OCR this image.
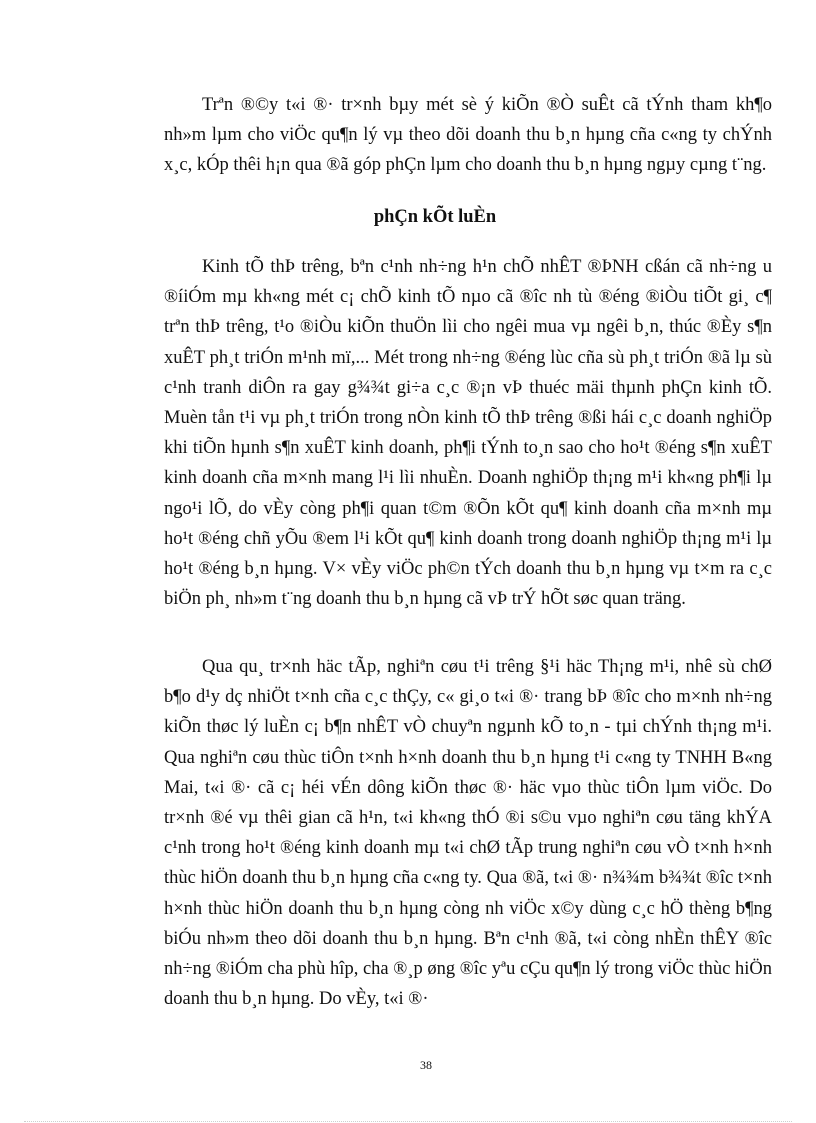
Trªn ®©y t«i ®· tr×nh bµy mét sè ý kiÕn ®Ò suÊt cã tÝnh tham kh¶o nh»m lµm cho viÖc qu¶n lý vµ theo dõi doanh thu b¸n hµng cña c«ng ty chÝnh x¸c, kÓp thêi h¡n qua ®ã góp phÇn lµm cho doanh thu b¸n hµng ngµy cµng t¨ng.

phÇn kÕt luÈn

Kinh tÕ thÞ trêng, bªn c¹nh nh÷ng h¹n chÕ nhÊT ®ÞNH cßán cã nh÷ng u ®íiÓm mµ kh«ng mét c¡ chÕ kinh tÕ nµo cã ®îc nh tù ®éng ®iÒu tiÕt gi¸ c¶ trªn thÞ trêng, t¹o ®iÒu kiÕn thuÖn lìi cho ngêi mua vµ ngêi b¸n, thúc ®Èy s¶n xuÊT ph¸t triÓn m¹nh mï,... Mét trong nh÷ng ®éng lùc cña sù ph¸t triÓn ®ã lµ sù c¹nh tranh diÔn ra gay g¾¾t gi÷a c¸c ®¡n vÞ thuéc mäi thµnh phÇn kinh tÕ. Muèn tån t¹i vµ ph¸t triÓn trong nÒn kinh tÕ thÞ trêng ®ßi hái c¸c doanh nghiÖp khi tiÕn hµnh s¶n xuÊT kinh doanh, ph¶i tÝnh to¸n sao cho ho¹t ®éng s¶n xuÊT kinh doanh cña m×nh mang l¹i lìi nhuÈn. Doanh nghiÖp th¡ng m¹i kh«ng ph¶i lµ ngo¹i lÕ, do vÈy còng ph¶i quan t©m ®Õn kÕt qu¶ kinh doanh cña m×nh mµ ho¹t ®éng chñ yÕu ®em l¹i kÕt qu¶ kinh doanh trong doanh nghiÖp th¡ng m¹i lµ ho¹t ®éng b¸n hµng. V× vÈy viÖc ph©n tÝch doanh thu b¸n hµng vµ t×m ra c¸c biÖn ph¸ nh»m t¨ng doanh thu b¸n hµng cã vÞ trÝ hÕt søc quan träng.

Qua qu¸ tr×nh häc tÃp, nghiªn cøu t¹i trêng §¹i häc Th¡ng m¹i, nhê sù chØ b¶o d¹y dç nhiÖt t×nh cña c¸c thÇy, c« gi¸o t«i ®· trang bÞ ®îc cho m×nh nh÷ng kiÕn thøc lý luÈn c¡ b¶n nhÊT vÒ chuyªn ngµnh kÕ to¸n - tµi chÝnh th¡ng m¹i. Qua nghiªn cøu thùc tiÔn t×nh h×nh doanh thu b¸n hµng t¹i c«ng ty TNHH B«ng Mai, t«i ®· cã c¡ héi vÉn dông kiÕn thøc ®· häc vµo thùc tiÔn lµm viÖc. Do tr×nh ®é vµ thêi gian cã h¹n, t«i kh«ng thÓ ®i s©u vµo nghiªn cøu täng khÝA c¹nh trong ho¹t ®éng kinh doanh mµ t«i chØ tÃp trung nghiªn cøu vÒ t×nh h×nh thùc hiÖn doanh thu b¸n hµng cña c«ng ty. Qua ®ã, t«i ®· n¾¾m b¾¾t ®îc t×nh h×nh thùc hiÖn doanh thu b¸n hµng còng nh viÖc x©y dùng c¸c hÖ thèng b¶ng biÓu nh»m theo dõi doanh thu b¸n hµng. Bªn c¹nh ®ã, t«i còng nhÈn thÊY ®îc nh÷ng ®iÓm cha phù hîp, cha ®¸p øng ®îc yªu cÇu qu¶n lý trong viÖc thùc hiÖn doanh thu b¸n hµng. Do vÈy, t«i ®·

38
